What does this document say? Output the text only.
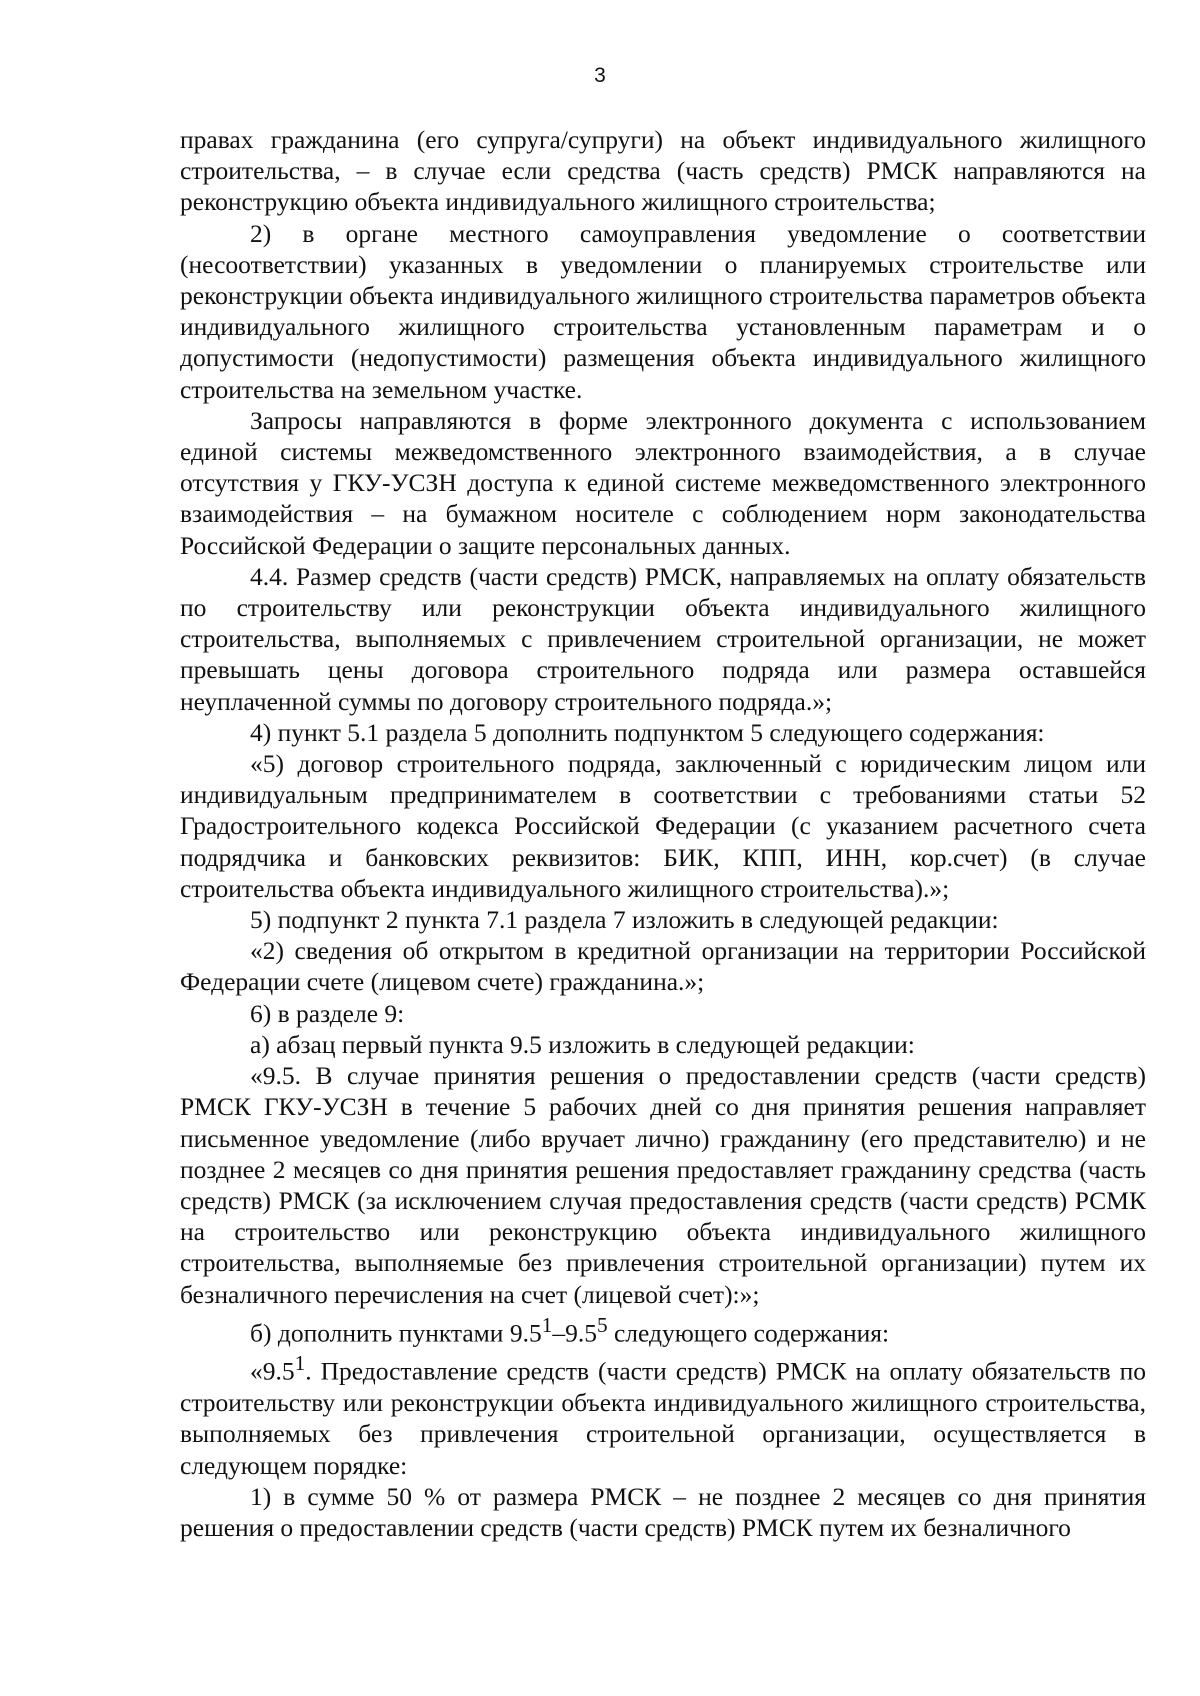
3

правах гражданина (его супруга/супруги) на объект индивидуального жилищного строительства, – в случае если средства (часть средств) РМСК направляются на реконструкцию объекта индивидуального жилищного строительства;

2) в органе местного самоуправления уведомление о соответствии (несоответствии) указанных в уведомлении о планируемых строительстве или реконструкции объекта индивидуального жилищного строительства параметров объекта индивидуального жилищного строительства установленным параметрам и о допустимости (недопустимости) размещения объекта индивидуального жилищного строительства на земельном участке.

Запросы направляются в форме электронного документа с использованием единой системы межведомственного электронного взаимодействия, а в случае отсутствия у ГКУ-УСЗН доступа к единой системе межведомственного электронного взаимодействия – на бумажном носителе с соблюдением норм законодательства Российской Федерации о защите персональных данных.

4.4. Размер средств (части средств) РМСК, направляемых на оплату обязательств по строительству или реконструкции объекта индивидуального жилищного строительства, выполняемых с привлечением строительной организации, не может превышать цены договора строительного подряда или размера оставшейся неуплаченной суммы по договору строительного подряда.»;

4) пункт 5.1 раздела 5 дополнить подпунктом 5 следующего содержания:

«5) договор строительного подряда, заключенный с юридическим лицом или индивидуальным предпринимателем в соответствии с требованиями статьи 52 Градостроительного кодекса Российской Федерации (с указанием расчетного счета подрядчика и банковских реквизитов: БИК, КПП, ИНН, кор.счет) (в случае строительства объекта индивидуального жилищного строительства).»;

5) подпункт 2 пункта 7.1 раздела 7 изложить в следующей редакции:

«2) сведения об открытом в кредитной организации на территории Российской Федерации счете (лицевом счете) гражданина.»;

6) в разделе 9:

а) абзац первый пункта 9.5 изложить в следующей редакции:

«9.5. В случае принятия решения о предоставлении средств (части средств) РМСК ГКУ-УСЗН в течение 5 рабочих дней со дня принятия решения направляет письменное уведомление (либо вручает лично) гражданину (его представителю) и не позднее 2 месяцев со дня принятия решения предоставляет гражданину средства (часть средств) РМСК (за исключением случая предоставления средств (части средств) РСМК на строительство или реконструкцию объекта индивидуального жилищного строительства, выполняемые без привлечения строительной организации) путем их безналичного перечисления на счет (лицевой счет):»;

б) дополнить пунктами $9.5^1-9.5^5$ следующего содержания:

«$9.5^1$. Предоставление средств (части средств) РМСК на оплату обязательств по строительству или реконструкции объекта индивидуального жилищного строительства, выполняемых без привлечения строительной организации, осуществляется в следующем порядке:

1) в сумме 50 % от размера РМСК – не позднее 2 месяцев со дня принятия решения о предоставлении средств (части средств) РМСК путем их безналичного
